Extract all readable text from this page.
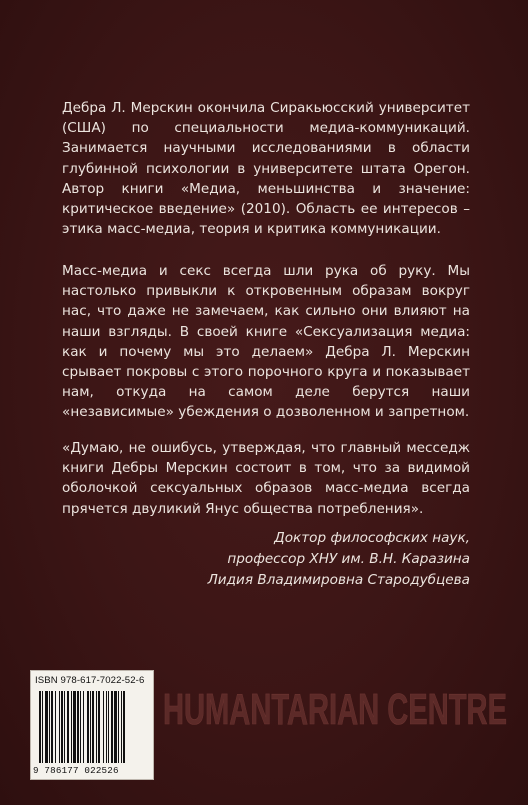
Дебра Л. Мерскин окончила Сиракьюсский университет (США) по специальности медиа-коммуникаций. Занимается научными исследованиями в области глубинной психологии в университете штата Орегон. Автор книги «Медиа, меньшинства и значение: критическое введение» (2010). Область ее интересов – этика масс-медиа, теория и критика коммуникации.
Масс-медиа и секс всегда шли рука об руку. Мы настолько привыкли к откровенным образам вокруг нас, что даже не замечаем, как сильно они влияют на наши взгляды. В своей книге «Сексуализация медиа: как и почему мы это делаем» Дебра Л. Мерскин срывает покровы с этого порочного круга и показывает нам, откуда на самом деле берутся наши «независимые» убеждения о дозволенном и запретном.
«Думаю, не ошибусь, утверждая, что главный месседж книги Дебры Мерскин состоит в том, что за видимой оболочкой сексуальных образов масс-медиа всегда прячется двуликий Янус общества потребления».
Доктор философских наук,
профессор ХНУ им. В.Н. Каразина
Лидия Владимировна Стародубцева
ISBN 978-617-7022-52-6
9 786177 022526
HUMANTARIAN CENTRE
